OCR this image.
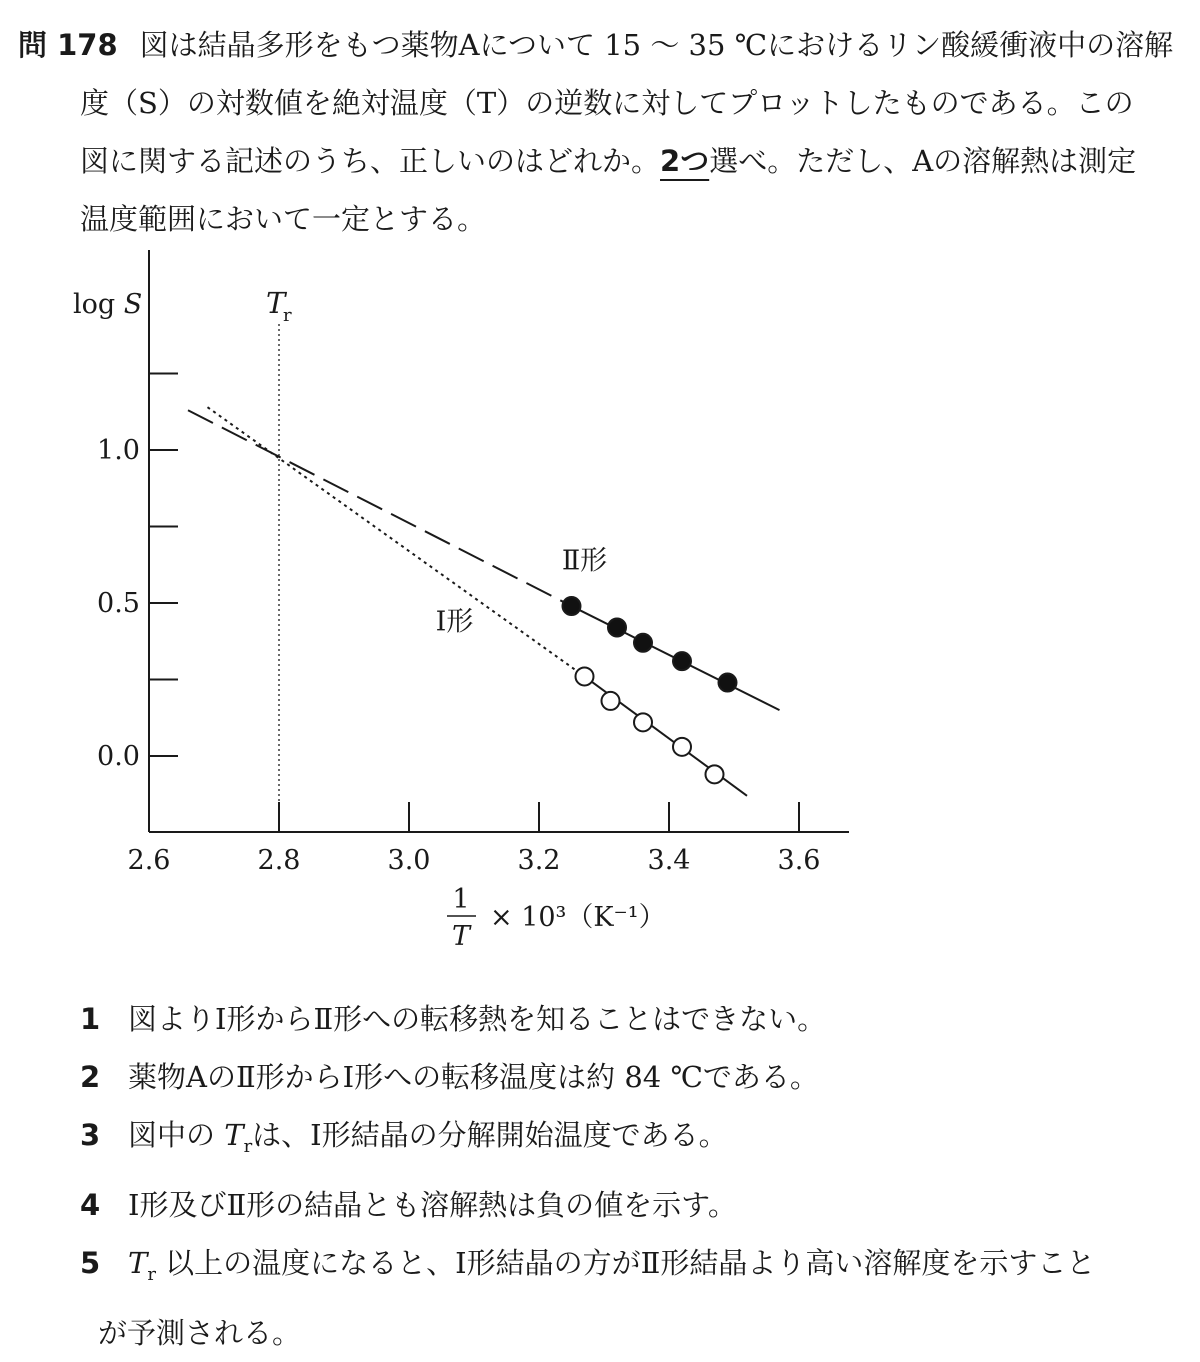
問 178 図は結晶多形をもつ薬物Aについて 15 ～ 35 ℃におけるリン酸緩衝液中の溶解
度（S）の対数値を絶対温度（T）の逆数に対してプロットしたものである。この
図に関する記述のうち、正しいのはどれか。2つ選べ。ただし、Aの溶解熱は測定
温度範囲において一定とする。
0.0
0.5
1.0
2.6	2.8	3.0	3.2	3.4	3.6
log S
1
T
× 10³（K⁻¹）
T
r
Ⅱ形
Ⅰ形
1 図よりⅠ形からⅡ形への転移熱を知ることはできない。
2 薬物AのⅡ形からⅠ形への転移温度は約 84 ℃である。
3 図中の $T_r$は、Ⅰ形結晶の分解開始温度である。
4 Ⅰ形及びⅡ形の結晶とも溶解熱は負の値を示す。
5 $T_r$ 以上の温度になると、Ⅰ形結晶の方がⅡ形結晶より高い溶解度を示すこと
が予測される。
